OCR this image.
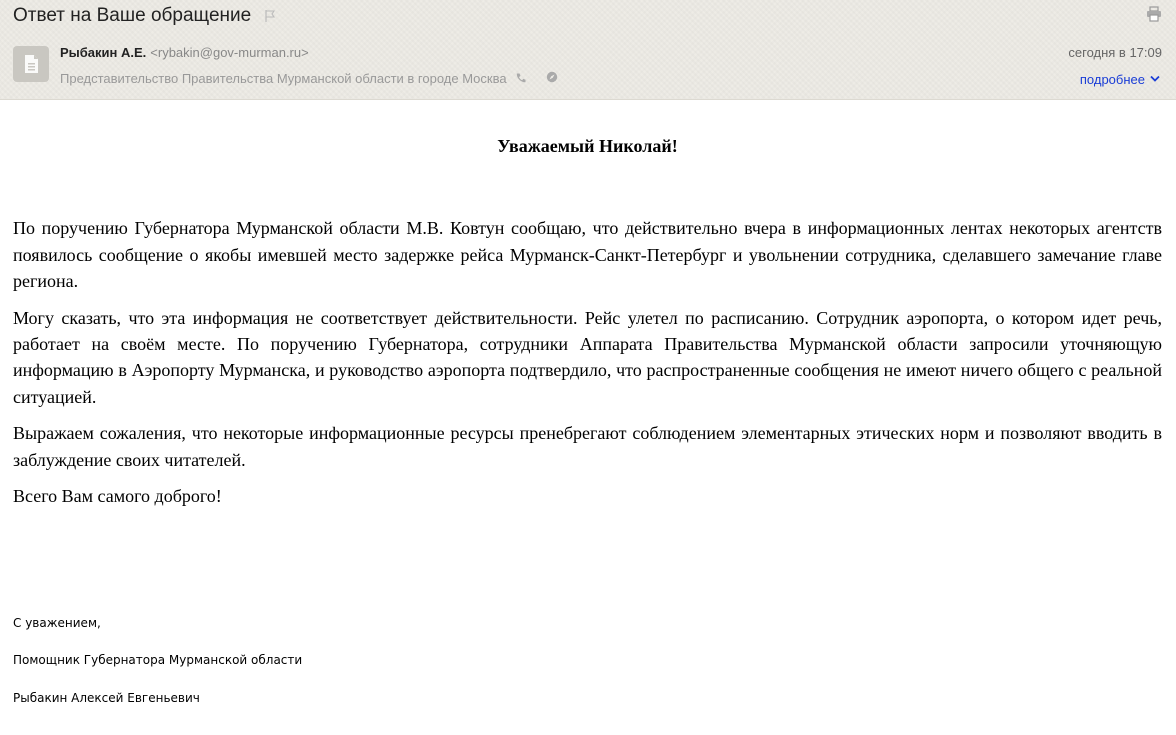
Ответ на Ваше обращение
Рыбакин А.Е. <rybakin@gov-murman.ru>
Представительство Правительства Мурманской области в городе Москва
сегодня в 17:09
подробнее

Уважаемый Николай!

По поручению Губернатора Мурманской области М.В. Ковтун сообщаю, что действительно вчера в информационных лентах некоторых агентств появилось сообщение о якобы имевшей место задержке рейса Мурманск-Санкт-Петербург и увольнении сотрудника, сделавшего замечание главе региона.

Могу сказать, что эта информация не соответствует действительности. Рейс улетел по расписанию. Сотрудник аэропорта, о котором идет речь, работает на своём месте. По поручению Губернатора, сотрудники Аппарата Правительства Мурманской области запросили уточняющую информацию в Аэропорту Мурманска, и руководство аэропорта подтвердило, что распространенные сообщения не имеют ничего общего с реальной ситуацией.

Выражаем сожаления, что некоторые информационные ресурсы пренебрегают соблюдением элементарных этических норм и позволяют вводить в заблуждение своих читателей.

Всего Вам самого доброго!

С уважением,
Помощник Губернатора Мурманской области
Рыбакин Алексей Евгеньевич
